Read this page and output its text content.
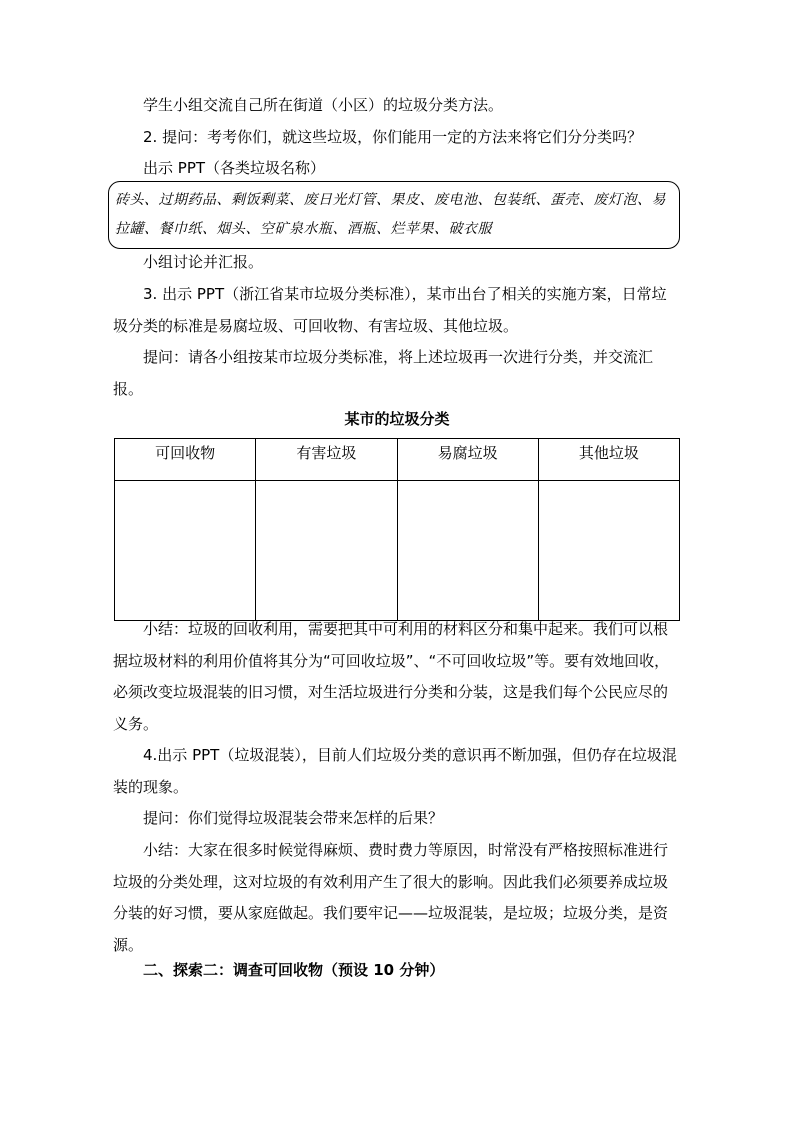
学生小组交流自己所在街道（小区）的垃圾分类方法。
2. 提问：考考你们，就这些垃圾，你们能用一定的方法来将它们分分类吗？
出示 PPT（各类垃圾名称）
砖头、过期药品、剩饭剩菜、废日光灯管、果皮、废电池、包装纸、蛋壳、废灯泡、易拉罐、餐巾纸、烟头、空矿泉水瓶、酒瓶、烂苹果、破衣服
小组讨论并汇报。
3. 出示 PPT（浙江省某市垃圾分类标准），某市出台了相关的实施方案，日常垃圾分类的标准是易腐垃圾、可回收物、有害垃圾、其他垃圾。
提问：请各小组按某市垃圾分类标准，将上述垃圾再一次进行分类，并交流汇报。
某市的垃圾分类
可回收物	有害垃圾	易腐垃圾	其他垃圾

小结：垃圾的回收利用，需要把其中可利用的材料区分和集中起来。我们可以根据垃圾材料的利用价值将其分为“可回收垃圾”、“不可回收垃圾”等。要有效地回收，必须改变垃圾混装的旧习惯，对生活垃圾进行分类和分装，这是我们每个公民应尽的义务。
4.出示 PPT（垃圾混装），目前人们垃圾分类的意识再不断加强，但仍存在垃圾混装的现象。
提问：你们觉得垃圾混装会带来怎样的后果？
小结：大家在很多时候觉得麻烦、费时费力等原因，时常没有严格按照标准进行垃圾的分类处理，这对垃圾的有效利用产生了很大的影响。因此我们必须要养成垃圾分装的好习惯，要从家庭做起。我们要牢记——垃圾混装，是垃圾；垃圾分类，是资源。
二、探索二：调查可回收物（预设 10 分钟）
